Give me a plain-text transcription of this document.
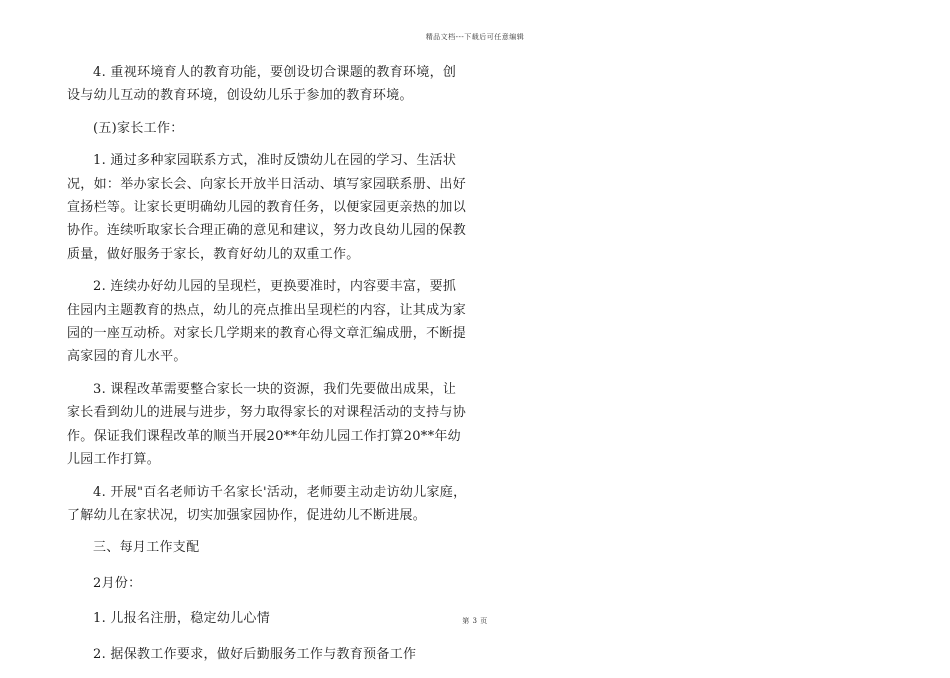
精品文档---下载后可任意编辑

4. 重视环境育人的教育功能，要创设切合课题的教育环境，创设与幼儿互动的教育环境，创设幼儿乐于参加的教育环境。

(五)家长工作：

1. 通过多种家园联系方式，准时反馈幼儿在园的学习、生活状况，如：举办家长会、向家长开放半日活动、填写家园联系册、出好宣扬栏等。让家长更明确幼儿园的教育任务，以便家园更亲热的加以协作。连续听取家长合理正确的意见和建议，努力改良幼儿园的保教质量，做好服务于家长，教育好幼儿的双重工作。

2. 连续办好幼儿园的呈现栏，更换要准时，内容要丰富，要抓住园内主题教育的热点，幼儿的亮点推出呈现栏的内容，让其成为家园的一座互动桥。对家长几学期来的教育心得文章汇编成册，不断提高家园的育儿水平。

3. 课程改革需要整合家长一块的资源，我们先要做出成果，让家长看到幼儿的进展与进步，努力取得家长的对课程活动的支持与协作。保证我们课程改革的顺当开展20**年幼儿园工作打算20**年幼儿园工作打算。

4. 开展"百名老师访千名家长'活动，老师要主动走访幼儿家庭，了解幼儿在家状况，切实加强家园协作，促进幼儿不断进展。

三、每月工作支配

2月份：

1. 儿报名注册，稳定幼儿心情

2. 据保教工作要求，做好后勤服务工作与教育预备工作

第 3 页
